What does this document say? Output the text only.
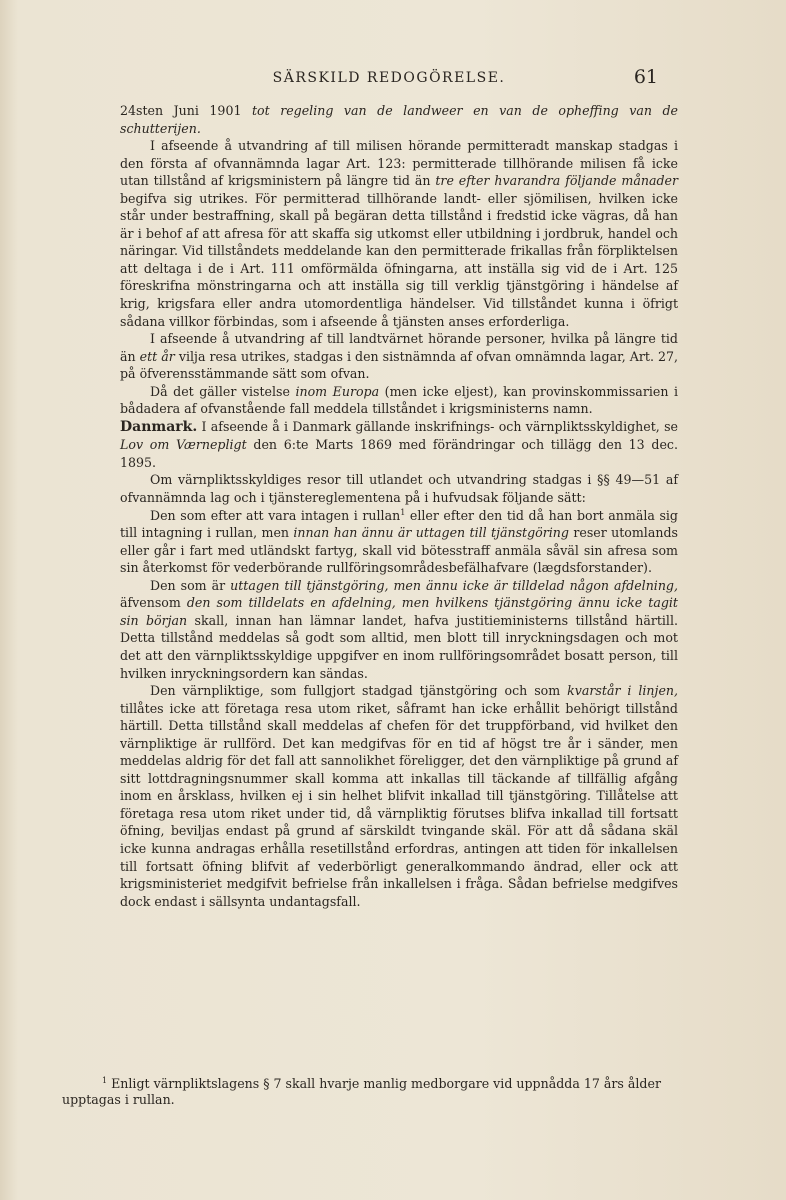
SÄRSKILD REDOGÖRELSE.	61

24sten Juni 1901 tot regeling van de landweer en van de opheffing van de schutterijen.

I afseende å utvandring af till milisen hörande permitteradt manskap stadgas i den första af ofvannämnda lagar Art. 123: permitterade tillhörande milisen få icke utan tillstånd af krigsministern på längre tid än tre efter hvarandra följande månader begifva sig utrikes. För permitterad tillhörande landt- eller sjömilisen, hvilken icke står under bestraffning, skall på begäran detta tillstånd i fredstid icke vägras, då han är i behof af att afresa för att skaffa sig utkomst eller utbildning i jordbruk, handel och näringar. Vid tillståndets meddelande kan den permitterade frikallas från förpliktelsen att deltaga i de i Art. 111 omförmälda öfningarna, att inställa sig vid de i Art. 125 föreskrifna mönstringarna och att inställa sig till verklig tjänstgöring i händelse af krig, krigsfara eller andra utomordentliga händelser. Vid tillståndet kunna i öfrigt sådana villkor förbindas, som i afseende å tjänsten anses erforderliga.

I afseende å utvandring af till landtvärnet hörande personer, hvilka på längre tid än ett år vilja resa utrikes, stadgas i den sistnämnda af ofvan omnämnda lagar, Art. 27, på öfverensstämmande sätt som ofvan.

Då det gäller vistelse inom Europa (men icke eljest), kan provinskommissarien i bådadera af ofvanstående fall meddela tillståndet i krigsministerns namn.

Danmark. I afseende å i Danmark gällande inskrifnings- och värnpliktsskyldighet, se Lov om Værnepligt den 6:te Marts 1869 med förändringar och tillägg den 13 dec. 1895.

Om värnpliktsskyldiges resor till utlandet och utvandring stadgas i §§ 49—51 af ofvannämnda lag och i tjänstereglementena på i hufvudsak följande sätt:

Den som efter att vara intagen i rullan$^1$ eller efter den tid då han bort anmäla sig till intagning i rullan, men innan han ännu är uttagen till tjänstgöring reser utomlands eller går i fart med utländskt fartyg, skall vid bötesstraff anmäla såväl sin afresa som sin återkomst för vederbörande rullföringsområdesbefälhafvare (lægdsforstander).

Den som är uttagen till tjänstgöring, men ännu icke är tilldelad någon afdelning, äfvensom den som tilldelats en afdelning, men hvilkens tjänstgöring ännu icke tagit sin början skall, innan han lämnar landet, hafva justitieministerns tillstånd härtill. Detta tillstånd meddelas så godt som alltid, men blott till inryckningsdagen och mot det att den värnpliktsskyldige uppgifver en inom rullföringsområdet bosatt person, till hvilken inryckningsordern kan sändas.

Den värnpliktige, som fullgjort stadgad tjänstgöring och som kvarstår i linjen, tillåtes icke att företaga resa utom riket, såframt han icke erhållit behörigt tillstånd härtill. Detta tillstånd skall meddelas af chefen för det truppförband, vid hvilket den värnpliktige är rullförd. Det kan medgifvas för en tid af högst tre år i sänder, men meddelas aldrig för det fall att sannolikhet föreligger, det den värnpliktige på grund af sitt lottdragningsnummer skall komma att inkallas till täckande af tillfällig afgång inom en årsklass, hvilken ej i sin helhet blifvit inkallad till tjänstgöring. Tillåtelse att företaga resa utom riket under tid, då värnpliktig förutses blifva inkallad till fortsatt öfning, beviljas endast på grund af särskildt tvingande skäl. För att då sådana skäl icke kunna andragas erhålla resetillstånd erfordras, antingen att tiden för inkallelsen till fortsatt öfning blifvit af vederbörligt generalkommando ändrad, eller ock att krigsministeriet medgifvit befrielse från inkallelsen i fråga. Sådan befrielse medgifves dock endast i sällsynta undantagsfall.

$^1$ Enligt värnpliktslagens § 7 skall hvarje manlig medborgare vid uppnådda 17 års ålder upptagas i rullan.
